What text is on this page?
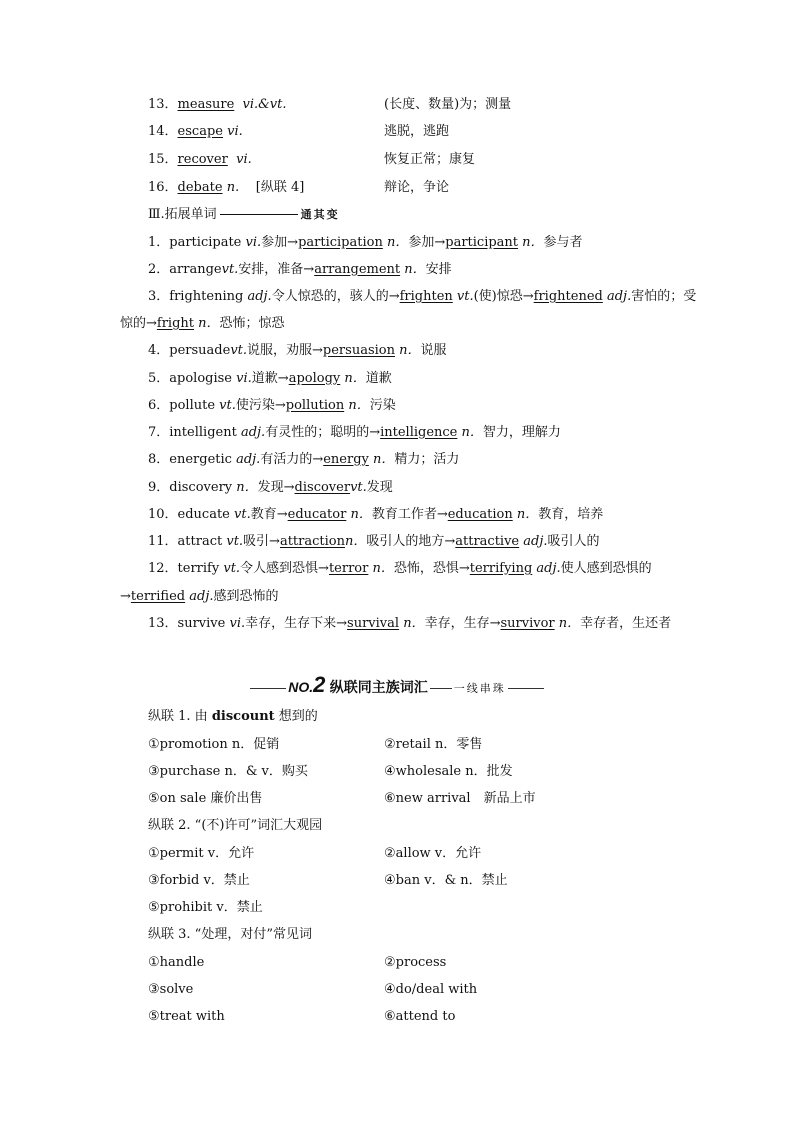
13．measure vi.&vt.	(长度、数量)为；测量
14．escape vi.	逃脱，逃跑
15．recover vi.	恢复正常；康复
16．debate n. [纵联 4]	辩论，争论
Ⅲ.拓展单词	通其变
1．participate vi.参加→participation n．参加→participant n．参与者
2．arrangevt.安排，准备→arrangement n．安排
3．frightening adj.令人惊恐的，骇人的→frighten vt.(使)惊恐→frightened adj.害怕的；受
惊的→fright n．恐怖；惊恐
4．persuadevt.说服，劝服→persuasion n．说服
5．apologise vi.道歉→apology n．道歉
6．pollute vt.使污染→pollution n．污染
7．intelligent adj.有灵性的；聪明的→intelligence n．智力，理解力
8．energetic adj.有活力的→energy n．精力；活力
9．discovery n．发现→discovervt.发现
10．educate vt.教育→educator n．教育工作者→education n．教育，培养
11．attract vt.吸引→attractionn．吸引人的地方→attractive adj.吸引人的
12．terrify vt.令人感到恐惧→terror n．恐怖，恐惧→terrifying adj.使人感到恐惧的
→terrified adj.感到恐怖的
13．survive vi.幸存，生存下来→survival n．幸存，生存→survivor n．幸存者，生还者
NO.2 纵联同主族词汇 一线串珠
纵联 1. 由 discount 想到的
①promotion n．促销	②retail n．零售
③purchase n．& v．购买	④wholesale n．批发
⑤on sale 廉价出售	⑥new arrival　新品上市
纵联 2. “(不)许可”词汇大观园
①permit v．允许	②allow v．允许
③forbid v．禁止	④ban v．& n．禁止
⑤prohibit v．禁止
纵联 3. “处理，对付”常见词
①handle	②process
③solve	④do/deal with
⑤treat with	⑥attend to
